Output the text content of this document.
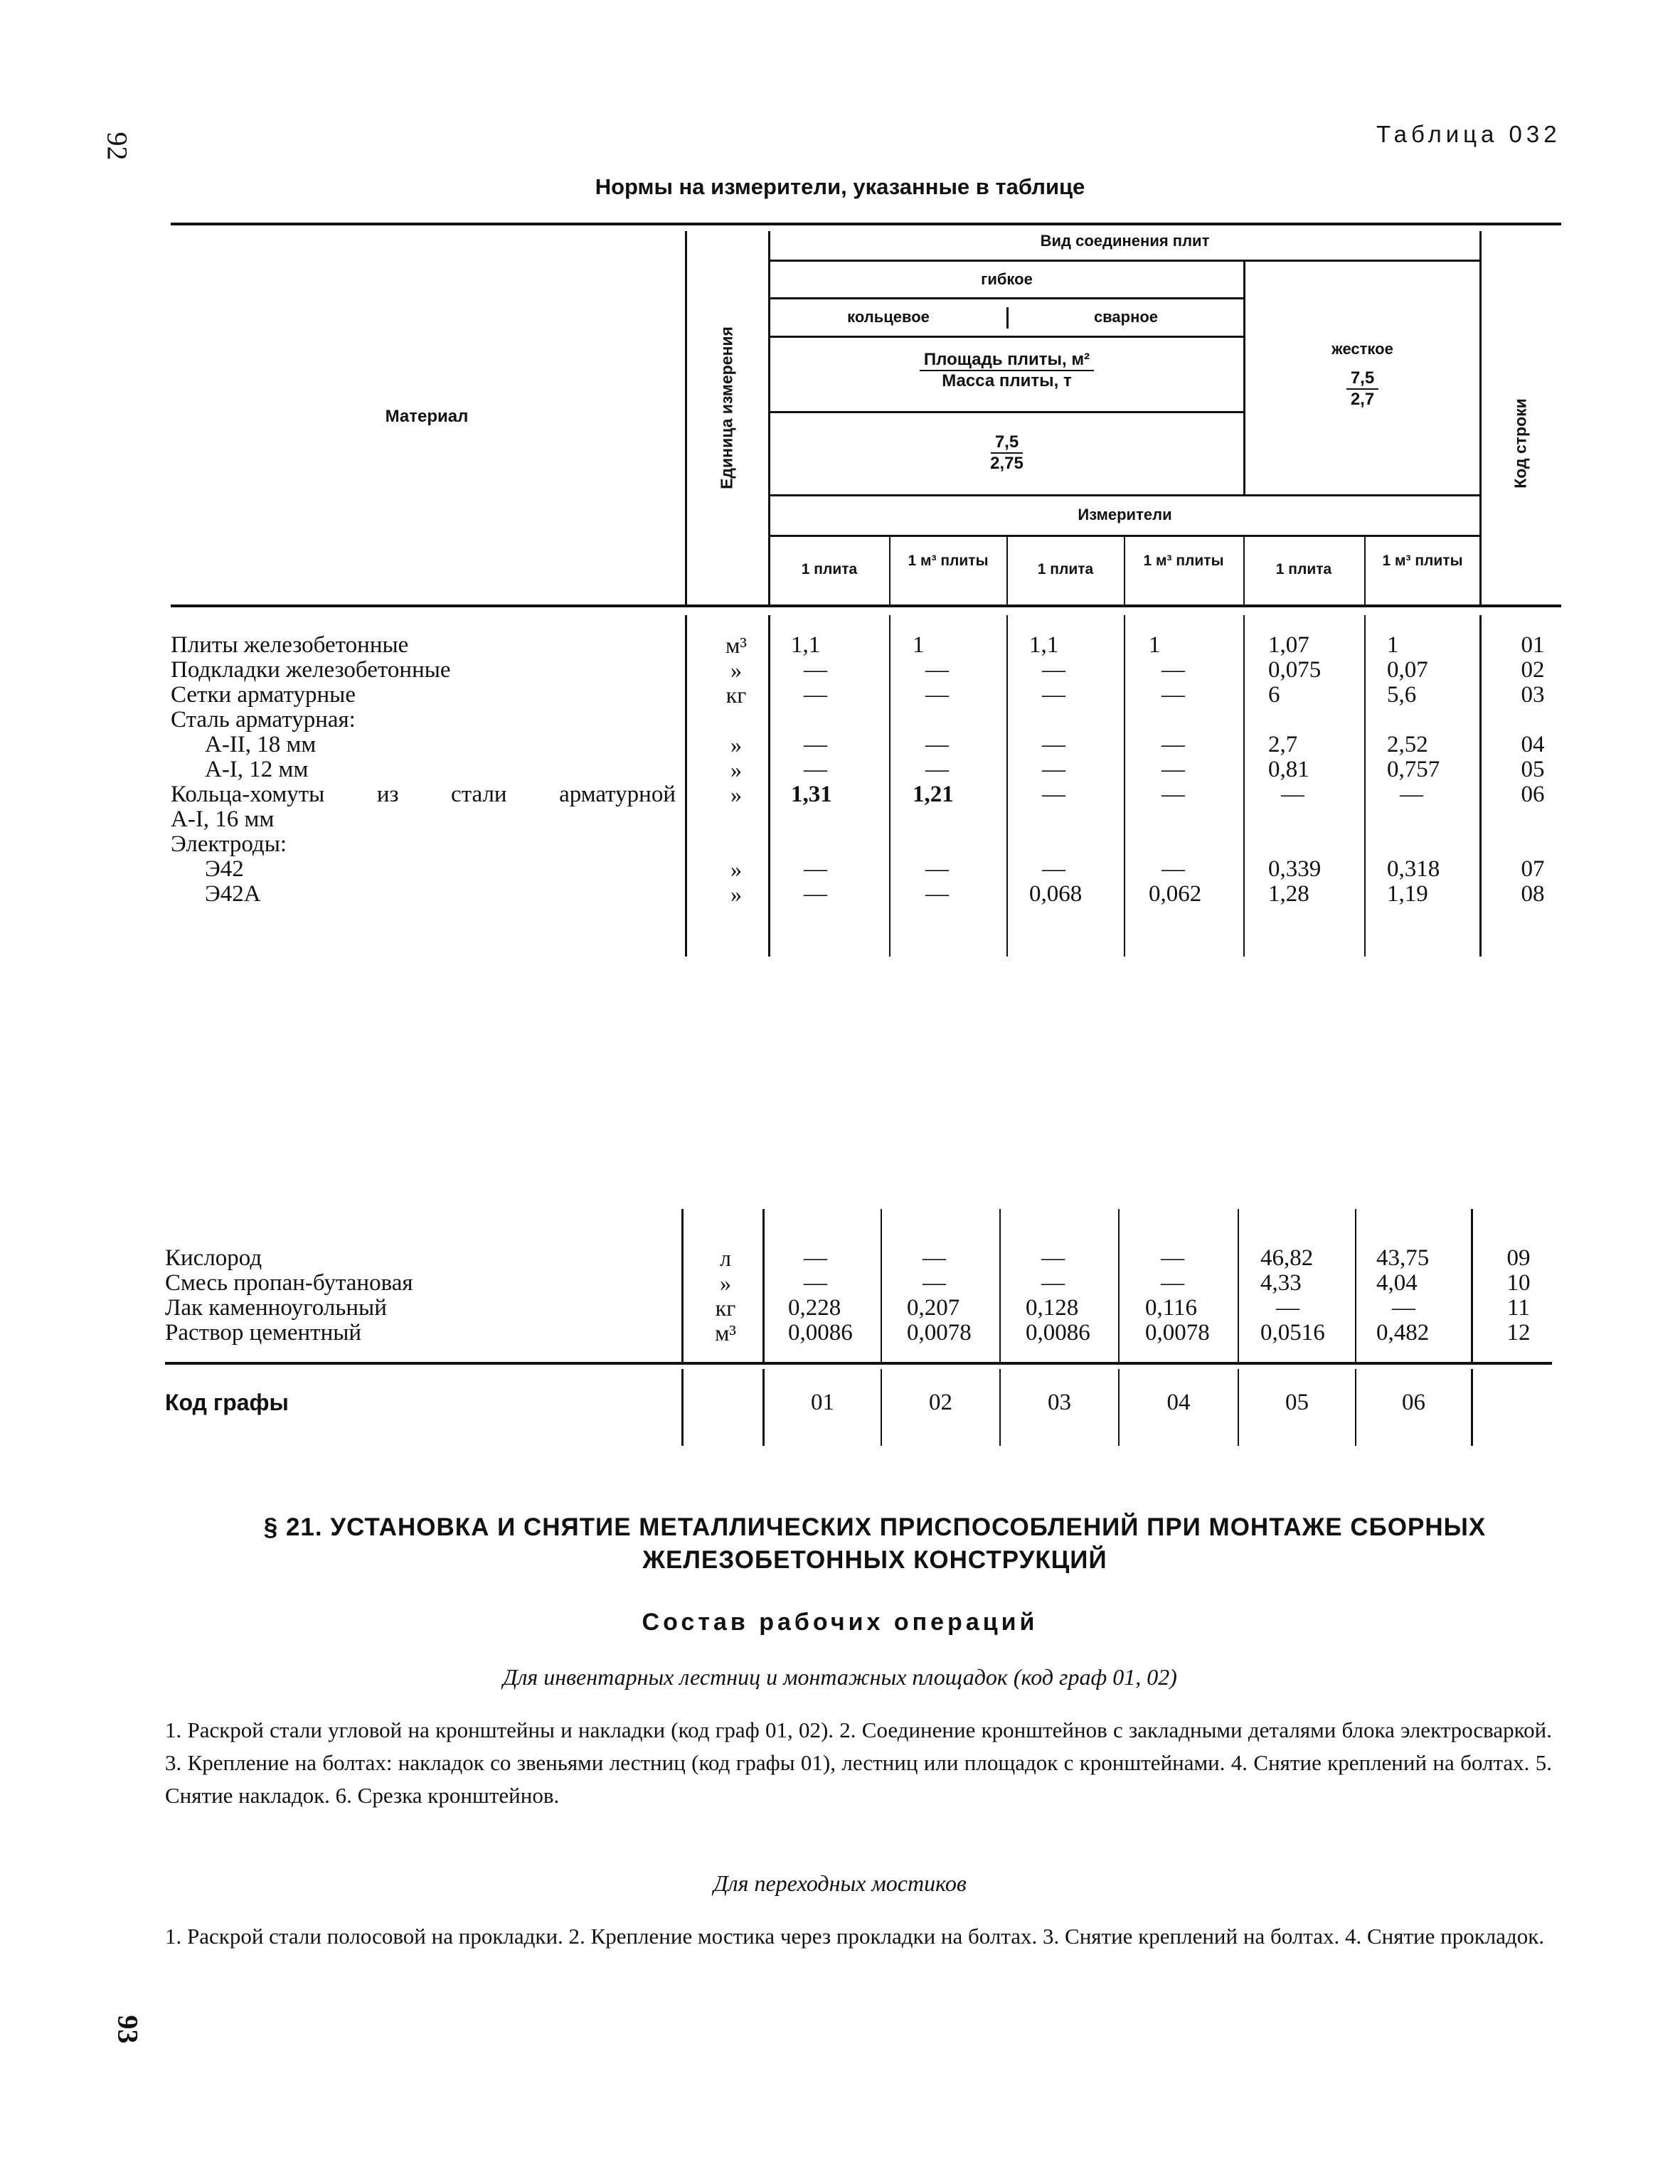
92
93
Таблица 032
Нормы на измерители, указанные в таблице
Материал	Единица измерения	Код строки
Вид соединения плит
гибкое
кольцевое	сварное
Площадь плиты, м²
Масса плиты, т
$\frac{7,5}{2,75}$
жесткое
$\frac{7,5}{2,7}$
Измерители
1 плита
1 м³ плиты
1 плита
1 м³ плиты
1 плита
1 м³ плиты
Плиты железобетонные	м³	1,1	1	1,1	1	1,07	1	01
Подкладки железобетонные	»	—	—	—	—	0,075	0,07	02
Сетки арматурные	кг	—	—	—	—	6	5,6	03
Сталь арматурная:
А-II, 18 мм	»	—	—	—	—	2,7	2,52	04
А-I, 12 мм	»	—	—	—	—	0,81	0,757	05
Кольца-хомуты из стали арматурной	»	1,31	1,21	—	—	—	—	06
А-I, 16 мм
Электроды:
Э42	»	—	—	—	—	0,339	0,318	07
Э42А	»	—	—	0,068	0,062	1,28	1,19	08
Кислород	л	—	—	—	—	46,82	43,75	09
Смесь пропан-бутановая	»	—	—	—	—	4,33	4,04	10
Лак каменноугольный	кг	0,228	0,207	0,128	0,116	—	—	11
Раствор цементный	м³	0,0086 0,0078 0,0086 0,0078 0,0516 0,482	12
Код графы	01	02	03	04	05	06
§ 21. УСТАНОВКА И СНЯТИЕ МЕТАЛЛИЧЕСКИХ ПРИСПОСОБЛЕНИЙ ПРИ МОНТАЖЕ СБОРНЫХ
ЖЕЛЕЗОБЕТОННЫХ КОНСТРУКЦИЙ
Состав рабочих операций
Для инвентарных лестниц и монтажных площадок (код граф 01, 02)
1. Раскрой стали угловой на кронштейны и накладки (код граф 01, 02). 2. Соединение кронштейнов с закладными деталями блока электросваркой. 3. Крепление на болтах: накладок со звеньями лестниц (код графы 01), лестниц или площадок с кронштейнами. 4. Снятие креплений на болтах. 5. Снятие накладок. 6. Срезка кронштейнов.
Для переходных мостиков
1. Раскрой стали полосовой на прокладки. 2. Крепление мостика через прокладки на болтах. 3. Снятие креплений на болтах. 4. Снятие прокладок.
